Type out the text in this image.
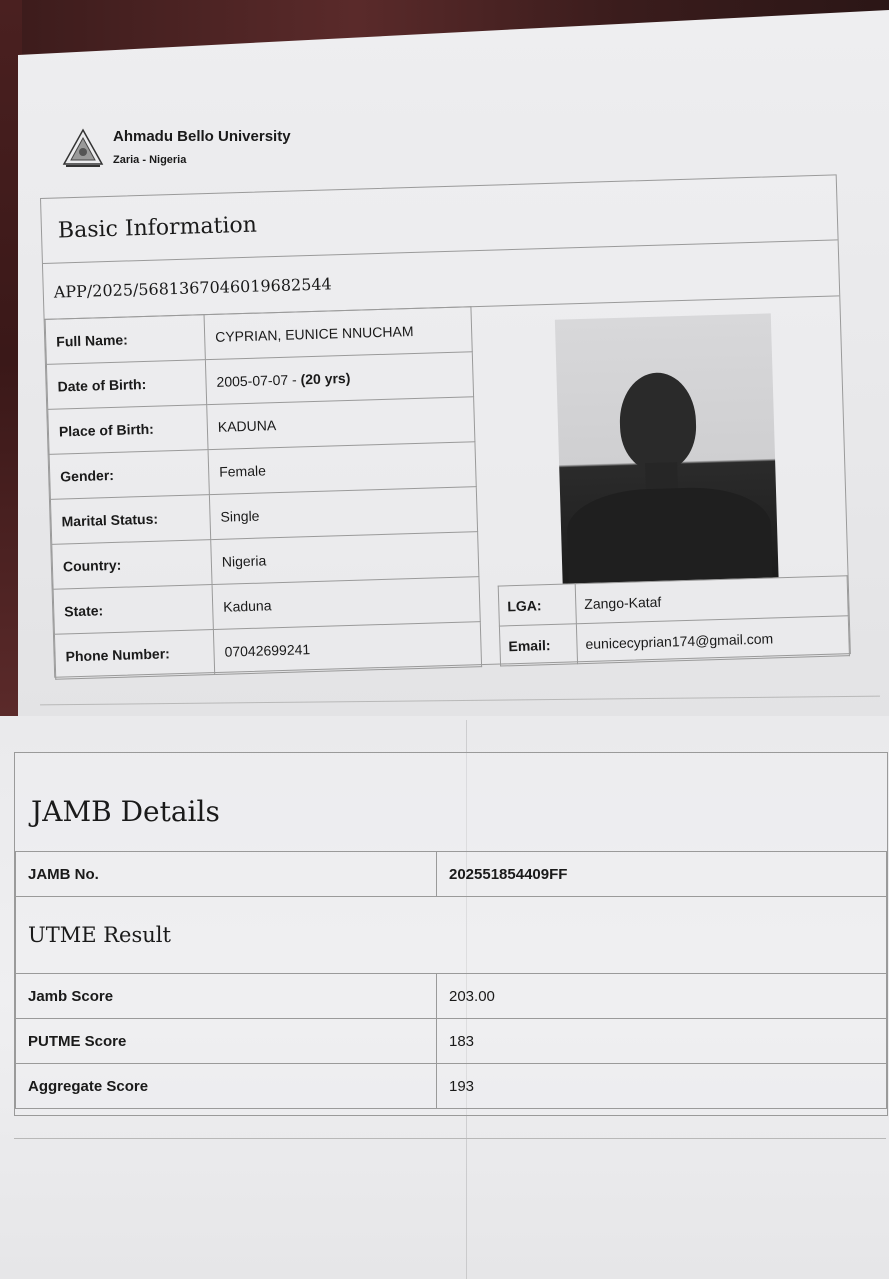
Ahmadu Bello University
Zaria - Nigeria
Basic Information
APP/2025/5681367046019682544
Full Name:	CYPRIAN, EUNICE NNUCHAM
Date of Birth:	2005-07-07 - (20 yrs)
Place of Birth:	KADUNA
Gender:	Female
Marital Status:	Single
Country:	Nigeria
State:	Kaduna
Phone Number:	07042699241
LGA:	Zango-Kataf
Email:	eunicecyprian174@gmail.com
JAMB Details
JAMB No.	202551854409FF
UTME Result	
Jamb Score	203.00
PUTME Score	183
Aggregate Score	193
